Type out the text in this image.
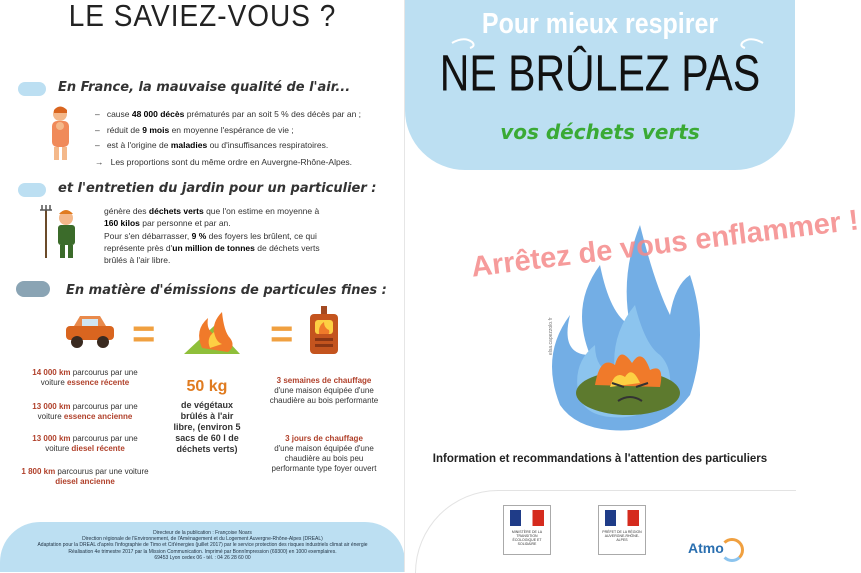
LE SAVIEZ-VOUS ?
En France, la mauvaise qualité de l'air...
–   cause 48 000 décès prématurés par an soit 5 % des décès par an ;
–   réduit de 9 mois en moyenne l'espérance de vie ;
–   est à l'origine de maladies ou d'insuffisances respiratoires.
→   Les proportions sont du même ordre en Auvergne-Rhône-Alpes.
et l'entretien du jardin pour un particulier :
génère des déchets verts que l'on estime en moyenne à 160 kilos par personne et par an.
Pour s'en débarrasser, 9 % des foyers les brûlent, ce qui représente près d'un million de tonnes de déchets verts brûlés à l'air libre.
En matière d'émissions de particules fines :
=	=
14 000 km parcourus par une voiture essence récente
13 000 km parcourus par une voiture essence ancienne
13 000 km parcourus par une voiture diesel récente
1 800 km parcourus par une voiture diesel ancienne
50 kg
de végétaux brûlés à l'air libre, (environ 5 sacs de 60 l de déchets verts)
3 semaines de chauffage
d'une maison équipée d'une chaudière au bois performante
3 jours de chauffage
d'une maison équipée d'une chaudière au bois peu performante type foyer ouvert
Directeur de la publication : Françoise Noars
Direction régionale de l'Environnement, de l'Aménagement et du Logement Auvergne-Rhône-Alpes (DREAL)
Adaptation pour la DREAL d'après l'infographie de Timo et Cit'énergies (juillet 2017) par le service protection des risques industriels climat air énergie
Réalisation 4e trimestre 2017 par la Mission Communication. Imprimé par BonnImpression (69300) en 1000 exemplaires.
69453 Lyon cedex 06 - tél. : 04 26 28 60 00
Pour mieux respirer
NE BRÛLEZ PAS
vos déchets verts
elsa.capezzolo.fr
Arrêtez de vous enflammer !
Information et recommandations à l'attention des particuliers
MINISTÈRE DE LA TRANSITION ÉCOLOGIQUE ET SOLIDAIRE
PRÉFET DE LA RÉGION AUVERGNE-RHÔNE-ALPES	Atmo
